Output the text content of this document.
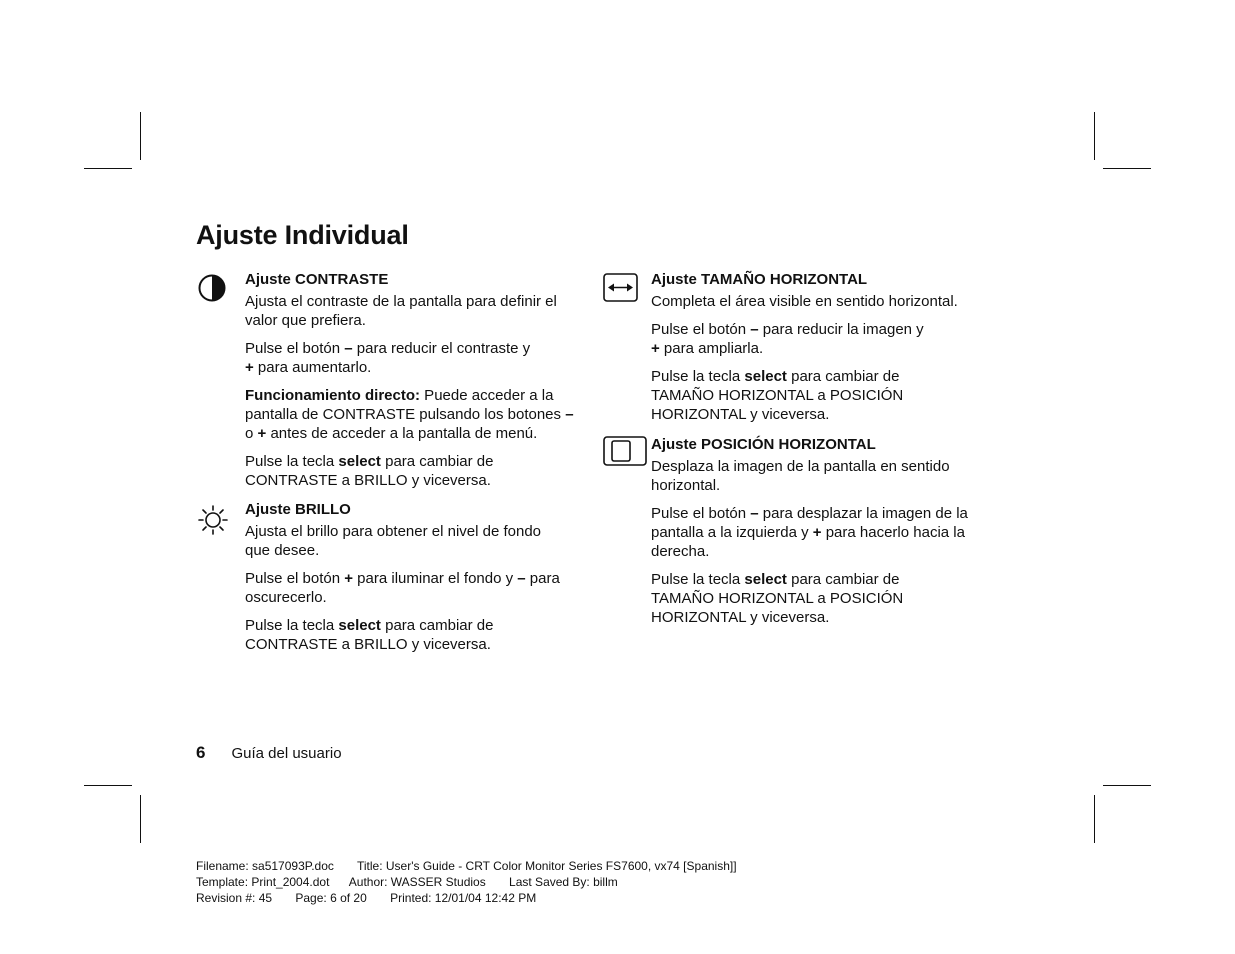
Ajuste Individual
Ajuste CONTRASTE

Ajusta el contraste de la pantalla para definir el valor que prefiera.

Pulse el botón – para reducir el contraste y + para aumentarlo.

Funcionamiento directo: Puede acceder a la pantalla de CONTRASTE pulsando los botones – o + antes de acceder a la pantalla de menú.

Pulse la tecla select para cambiar de CONTRASTE a BRILLO y viceversa.

Ajuste BRILLO

Ajusta el brillo para obtener el nivel de fondo que desee.

Pulse el botón + para iluminar el fondo y – para oscurecerlo.

Pulse la tecla select para cambiar de CONTRASTE a BRILLO y viceversa.

Ajuste TAMAÑO HORIZONTAL

Completa el área visible en sentido horizontal.

Pulse el botón – para reducir la imagen y + para ampliarla.

Pulse la tecla select para cambiar de TAMAÑO HORIZONTAL a POSICIÓN HORIZONTAL y viceversa.

Ajuste POSICIÓN HORIZONTAL

Desplaza la imagen de la pantalla en sentido horizontal.

Pulse el botón – para desplazar la imagen de la pantalla a la izquierda y + para hacerlo hacia la derecha.

Pulse la tecla select para cambiar de TAMAÑO HORIZONTAL a POSICIÓN HORIZONTAL y viceversa.

6 Guía del usuario
Filename: sa517093P.doc       Title: User's Guide - CRT Color Monitor Series FS7600, vx74 [Spanish]]
Template: Print_2004.dot      Author: WASSER Studios       Last Saved By: billm
Revision #: 45       Page: 6 of 20       Printed: 12/01/04 12:42 PM
